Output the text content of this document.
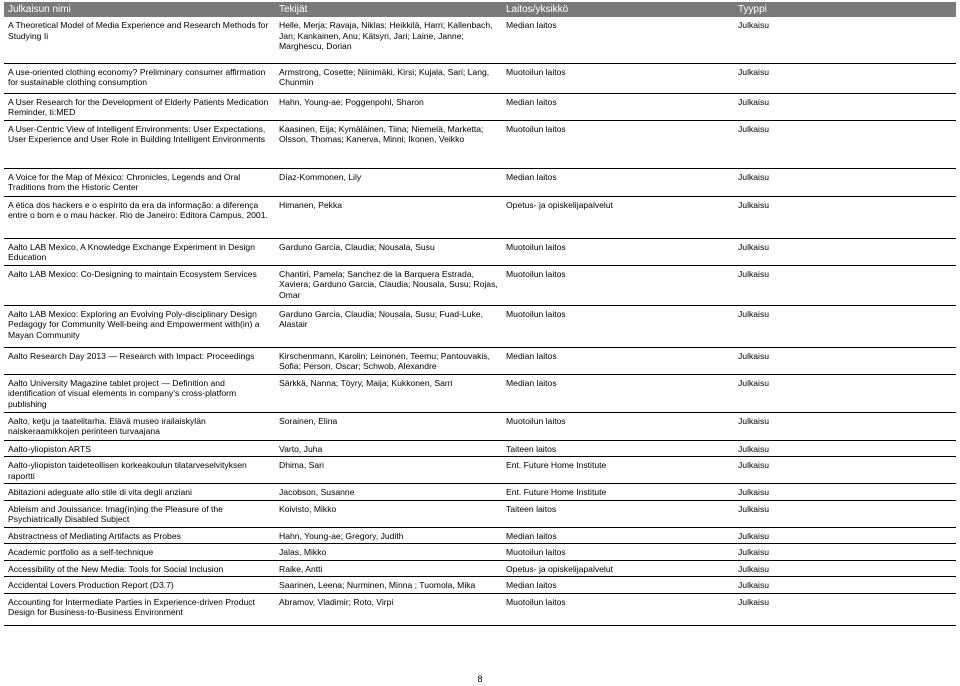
Julkaisun nimi	Tekijät	Laitos/yksikkö	Tyyppi
A Theoretical Model of Media Experience and Research Methods for Studying Ii	Helle, Merja; Ravaja, Niklas; Heikkilä, Harri; Kallenbach, Jan; Kankainen, Anu; Kätsyri, Jari; Laine, Janne; Marghescu, Dorian	Median laitos	Julkaisu
A use-oriented clothing economy? Preliminary consumer affirmation for sustainable clothing consumption	Armstrong, Cosette; Niinimäki, Kirsi; Kujala, Sari; Lang, Chunmin	Muotoilun laitos	Julkaisu
A User Research for the Development of Elderly Patients Medication Reminder, ti:MED	Hahn, Young-ae; Poggenpohl, Sharon	Median laitos	Julkaisu
A User-Centric View of Intelligent Environments: User Expectations, User Experience and User Role in Building Intelligent Environments	Kaasinen, Eija; Kymäläinen, Tiina; Niemelä, Marketta; Olsson, Thomas; Kanerva, Minni; Ikonen, Veikko	Muotoilun laitos	Julkaisu
A Voice for the Map of México: Chronicles, Legends and Oral Traditions from the Historic Center	Díaz-Kommonen, Lily	Median laitos	Julkaisu
A ética dos hackers e o espírito da era da informação: a diferença entre o bom e o mau hacker. Rio de Janeiro: Editora Campus, 2001.	Himanen, Pekka	Opetus- ja opiskelijapalvelut	Julkaisu
Aalto LAB Mexico, A Knowledge Exchange Experiment in Design Education	Garduno Garcia, Claudia; Nousala, Susu	Muotoilun laitos	Julkaisu
Aalto LAB Mexico: Co-Designing to maintain Ecosystem Services	Chantiri, Pamela; Sanchez de la Barquera Estrada, Xaviera; Garduno Garcia, Claudia; Nousala, Susu; Rojas, Omar	Muotoilun laitos	Julkaisu
Aalto LAB Mexico: Exploring an Evolving Poly-disciplinary Design Pedagogy for Community Well-being and Empowerment with(in) a Mayan Community	Garduno Garcia, Claudia; Nousala, Susu; Fuad-Luke, Alastair	Muotoilun laitos	Julkaisu
Aalto Research Day 2013 — Research with Impact: Proceedings	Kirschenmann, Karolin; Leinonen, Teemu; Pantouvakis, Sofia; Person, Oscar; Schwob, Alexandre	Median laitos	Julkaisu
Aalto University Magazine tablet project — Definition and identification of visual elements in company’s cross-platform publishing	Särkkä, Nanna; Töyry, Maija; Kukkonen, Sarri	Median laitos	Julkaisu
Aalto, ketju ja taatelitarha. Elävä museo irailaiskylän naiskeraamikkojen perinteen turvaajana	Sorainen, Elina	Muotoilun laitos	Julkaisu
Aalto-yliopiston ARTS	Varto, Juha	Taiteen laitos	Julkaisu
Aalto-yliopiston taideteollisen korkeakoulun tilatarveselvityksen raportti	Dhima, Sari	Ent. Future Home Institute	Julkaisu
Abitazioni adeguate allo stile di vita degli anziani	Jacobson, Susanne	Ent. Future Home Institute	Julkaisu
Ableism and Jouissance: Imag(in)ing the Pleasure of the Psychiatrically Disabled Subject	Koivisto, Mikko	Taiteen laitos	Julkaisu
Abstractness of Mediating Artifacts as Probes	Hahn, Young-ae; Gregory, Judith	Median laitos	Julkaisu
Academic portfolio as a self-technique	Jalas, Mikko	Muotoilun laitos	Julkaisu
Accessibility of the New Media: Tools for Social Inclusion	Raike, Antti	Opetus- ja opiskelijapalvelut	Julkaisu
Accidental Lovers Production Report (D3.7)	Saarinen, Leena; Nurminen, Minna ; Tuomola, Mika	Median laitos	Julkaisu
Accounting for Intermediate Parties in Experience-driven Product Design for Business-to-Business Environment	Abramov, Vladimir; Roto, Virpi	Muotoilun laitos	Julkaisu
8
